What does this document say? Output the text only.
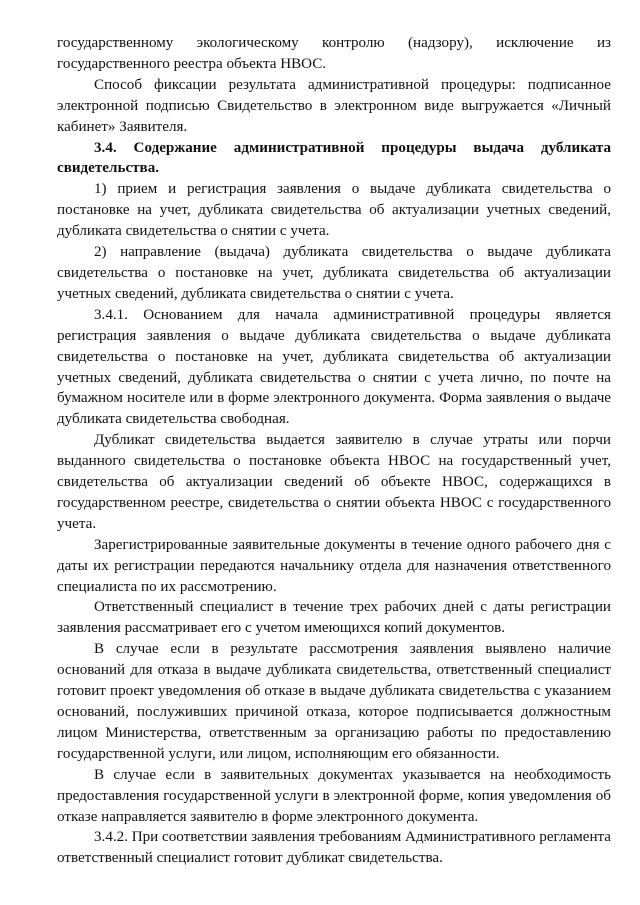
государственному экологическому контролю (надзору), исключение из государственного реестра объекта НВОС.

Способ фиксации результата административной процедуры: подписанное электронной подписью Свидетельство в электронном виде выгружается «Личный кабинет» Заявителя.

3.4. Содержание административной процедуры выдача дубликата свидетельства.

1) прием и регистрация заявления о выдаче дубликата свидетельства о постановке на учет, дубликата свидетельства об актуализации учетных сведений, дубликата свидетельства о снятии с учета.

2) направление (выдача) дубликата свидетельства о выдаче дубликата свидетельства о постановке на учет, дубликата свидетельства об актуализации учетных сведений, дубликата свидетельства о снятии с учета.

3.4.1. Основанием для начала административной процедуры является регистрация заявления о выдаче дубликата свидетельства о выдаче дубликата свидетельства о постановке на учет, дубликата свидетельства об актуализации учетных сведений, дубликата свидетельства о снятии с учета лично, по почте на бумажном носителе или в форме электронного документа. Форма заявления о выдаче дубликата свидетельства свободная.

Дубликат свидетельства выдается заявителю в случае утраты или порчи выданного свидетельства о постановке объекта НВОС на государственный учет, свидетельства об актуализации сведений об объекте НВОС, содержащихся в государственном реестре, свидетельства о снятии объекта НВОС с государственного учета.

Зарегистрированные заявительные документы в течение одного рабочего дня с даты их регистрации передаются начальнику отдела для назначения ответственного специалиста по их рассмотрению.

Ответственный специалист в течение трех рабочих дней с даты регистрации заявления рассматривает его с учетом имеющихся копий документов.

В случае если в результате рассмотрения заявления выявлено наличие оснований для отказа в выдаче дубликата свидетельства, ответственный специалист готовит проект уведомления об отказе в выдаче дубликата свидетельства с указанием оснований, послуживших причиной отказа, которое подписывается должностным лицом Министерства, ответственным за организацию работы по предоставлению государственной услуги, или лицом, исполняющим его обязанности.

В случае если в заявительных документах указывается на необходимость предоставления государственной услуги в электронной форме, копия уведомления об отказе направляется заявителю в форме электронного документа.

3.4.2. При соответствии заявления требованиям Административного регламента ответственный специалист готовит дубликат свидетельства.
